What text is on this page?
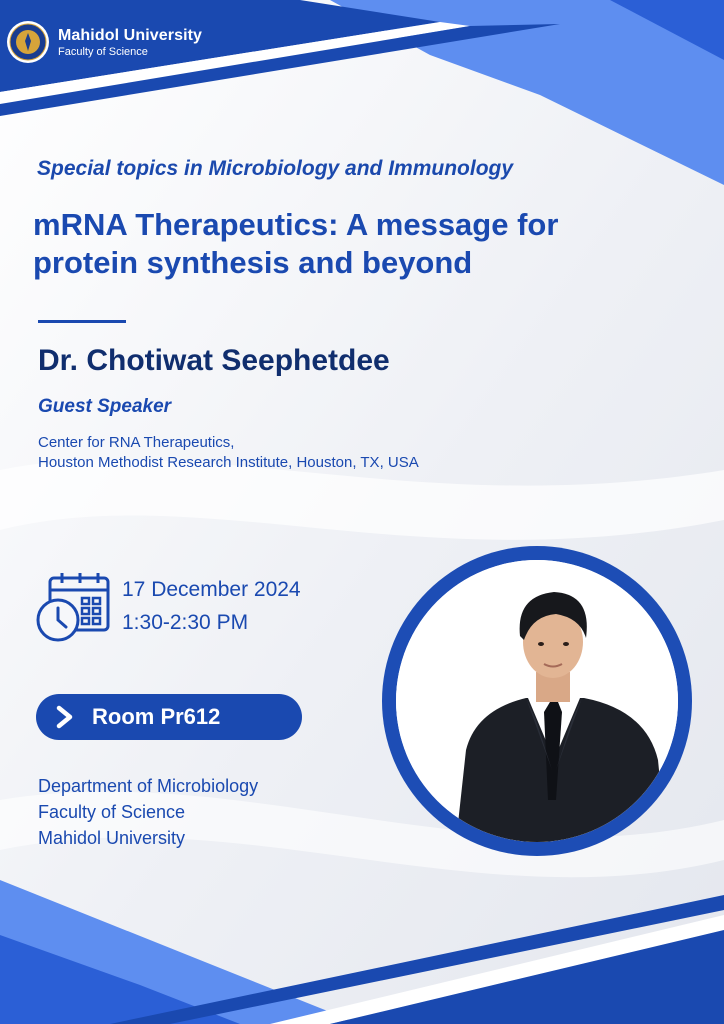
Mahidol University
Faculty of Science
Special topics in Microbiology and Immunology
mRNA Therapeutics: A message for
protein synthesis and beyond
Dr. Chotiwat Seephetdee
Guest Speaker
Center for RNA Therapeutics,
Houston Methodist Research Institute, Houston, TX, USA
17 December 2024
1:30-2:30 PM
Room Pr612
Department of Microbiology
Faculty of Science
Mahidol University
